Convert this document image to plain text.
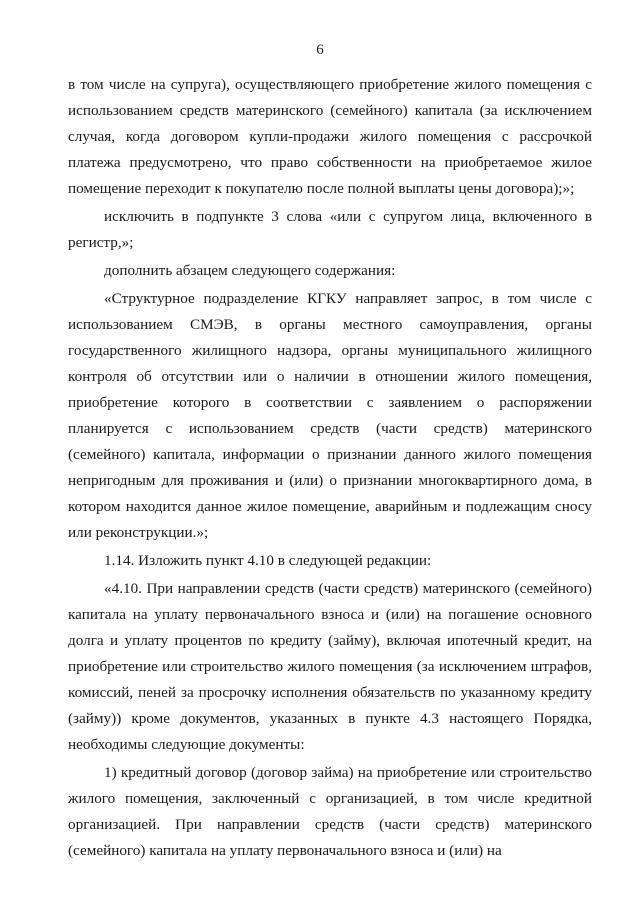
6

в том числе на супруга), осуществляющего приобретение жилого помещения с использованием средств материнского (семейного) капитала (за исключением случая, когда договором купли-продажи жилого помещения с рассрочкой платежа предусмотрено, что право собственности на приобретаемое жилое помещение переходит к покупателю после полной выплаты цены договора);»;

исключить в подпункте 3 слова «или с супругом лица, включенного в регистр,»;

дополнить абзацем следующего содержания:

«Структурное подразделение КГКУ направляет запрос, в том числе с использованием СМЭВ, в органы местного самоуправления, органы государственного жилищного надзора, органы муниципального жилищного контроля об отсутствии или о наличии в отношении жилого помещения, приобретение которого в соответствии с заявлением о распоряжении планируется с использованием средств (части средств) материнского (семейного) капитала, информации о признании данного жилого помещения непригодным для проживания и (или) о признании многоквартирного дома, в котором находится данное жилое помещение, аварийным и подлежащим сносу или реконструкции.»;

1.14. Изложить пункт 4.10 в следующей редакции:

«4.10. При направлении средств (части средств) материнского (семейного) капитала на уплату первоначального взноса и (или) на погашение основного долга и уплату процентов по кредиту (займу), включая ипотечный кредит, на приобретение или строительство жилого помещения (за исключением штрафов, комиссий, пеней за просрочку исполнения обязательств по указанному кредиту (займу)) кроме документов, указанных в пункте 4.3 настоящего Порядка, необходимы следующие документы:

1) кредитный договор (договор займа) на приобретение или строительство жилого помещения, заключенный с организацией, в том числе кредитной организацией. При направлении средств (части средств) материнского (семейного) капитала на уплату первоначального взноса и (или) на
